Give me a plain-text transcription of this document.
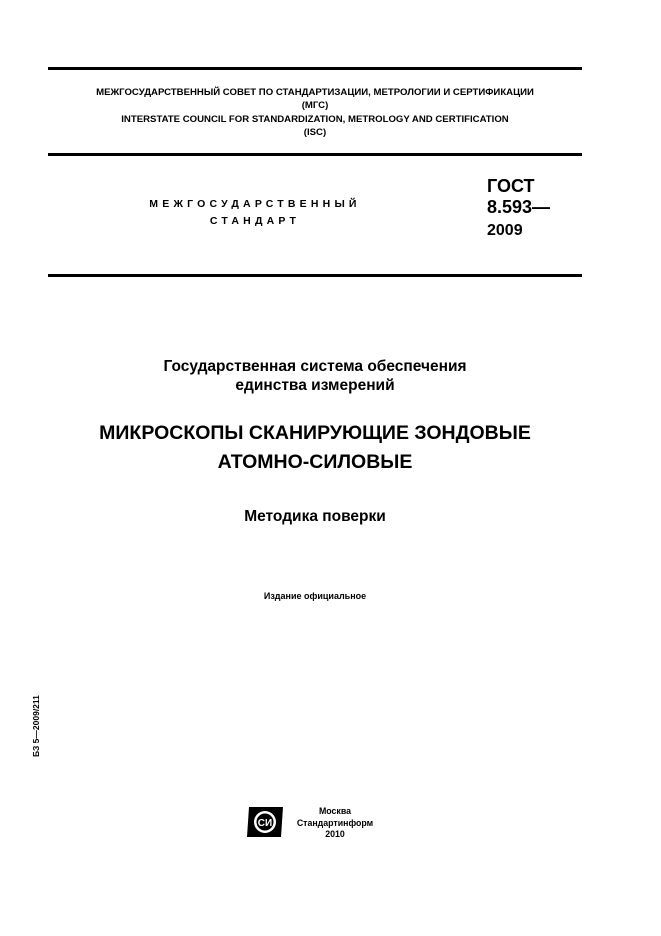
МЕЖГОСУДАРСТВЕННЫЙ СОВЕТ ПО СТАНДАРТИЗАЦИИ, МЕТРОЛОГИИ И СЕРТИФИКАЦИИ
(МГС)
INTERSTATE COUNCIL FOR STANDARDIZATION, METROLOGY AND CERTIFICATION
(ISC)
МЕЖГОСУДАРСТВЕННЫЙ
СТАНДАРТ
ГОСТ
8.593—
2009
Государственная система обеспечения
единства измерений
МИКРОСКОПЫ СКАНИРУЮЩИЕ ЗОНДОВЫЕ
АТОМНО-СИЛОВЫЕ
Методика поверки
Издание официальное
БЗ 5—2009/211
СИ
Москва
Стандартинформ
2010
